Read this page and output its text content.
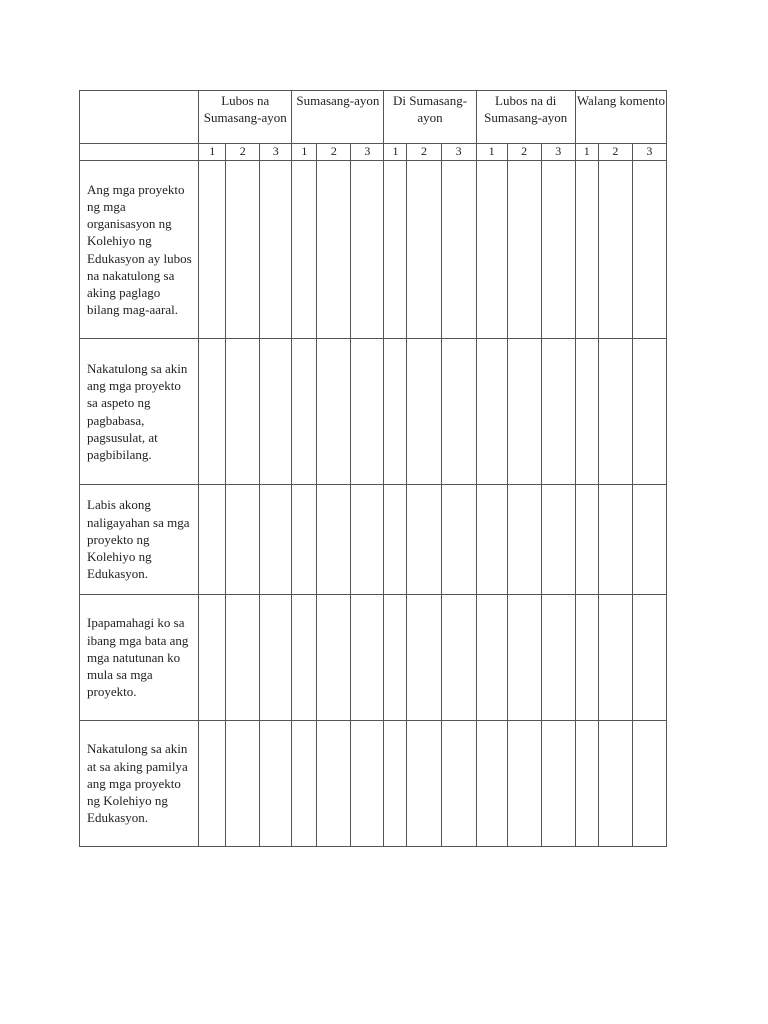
	Lubos na Sumasang-ayon			Sumasang-ayon			Di Sumasang-ayon			Lubos na di Sumasang-ayon			Walang komento		
	1	2	3	1	2	3	1	2	3	1	2	3	1	2	3

Ang mga proyekto ng mga organisasyon ng Kolehiyo ng Edukasyon ay lubos na nakatulong sa aking paglago bilang mag-aaral.															

Nakatulong sa akin ang mga proyekto sa aspeto ng pagbabasa, pagsusulat, at pagbibilang.															

Labis akong naligayahan sa mga proyekto ng Kolehiyo ng Edukasyon.															

Ipapamahagi ko sa ibang mga bata ang mga natutunan ko mula sa mga proyekto.															

Nakatulong sa akin at sa aking pamilya ang mga proyekto ng Kolehiyo ng Edukasyon.															
